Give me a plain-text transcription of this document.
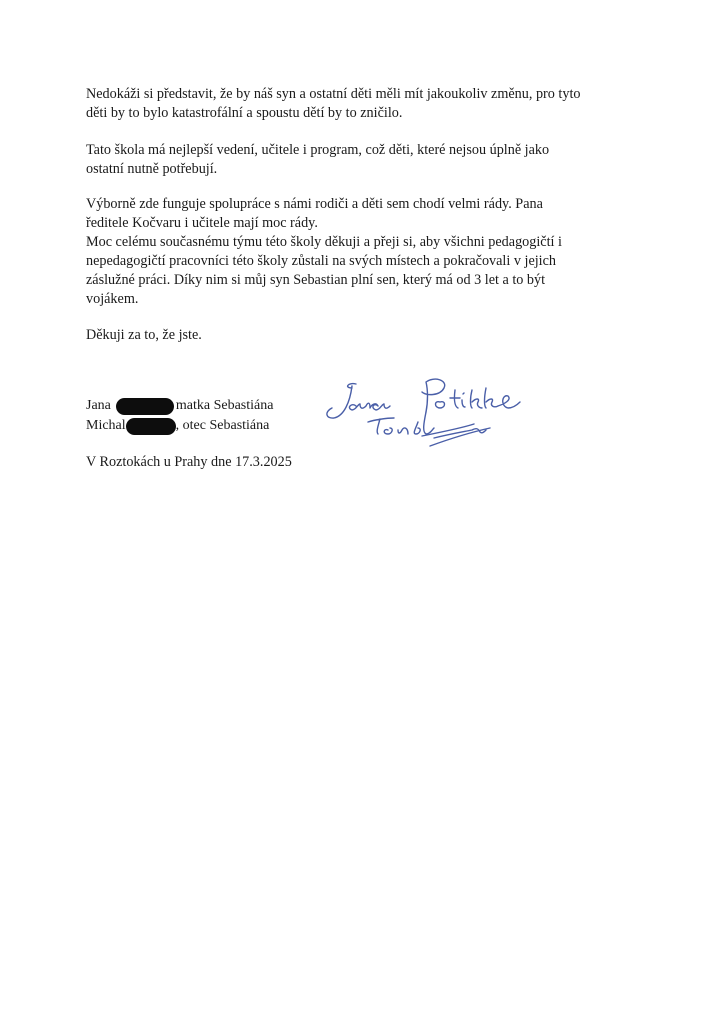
Nedokáži si představit, že by náš syn a ostatní děti měli mít jakoukoliv změnu, pro tyto
děti by to bylo katastrofální a spoustu dětí by to zničilo.

Tato škola má nejlepší vedení, učitele i program, což děti, které nejsou úplně jako
ostatní nutně potřebují.

Výborně zde funguje spolupráce s námi rodiči a děti sem chodí velmi rády. Pana
ředitele Kočvaru i učitele mají moc rády.
Moc celému současnému týmu této školy děkuji a přeji si, aby všichni pedagogičtí i
nepedagogičtí pracovníci této školy zůstali na svých místech a pokračovali v jejich
záslužné práci. Díky nim si můj syn Sebastian plní sen, který má od 3 let a to být
vojákem.

Děkuji za to, že jste.

Jana	matka Sebastiána
Michal	, otec Sebastiána
V Roztokách u Prahy dne 17.3.2025
